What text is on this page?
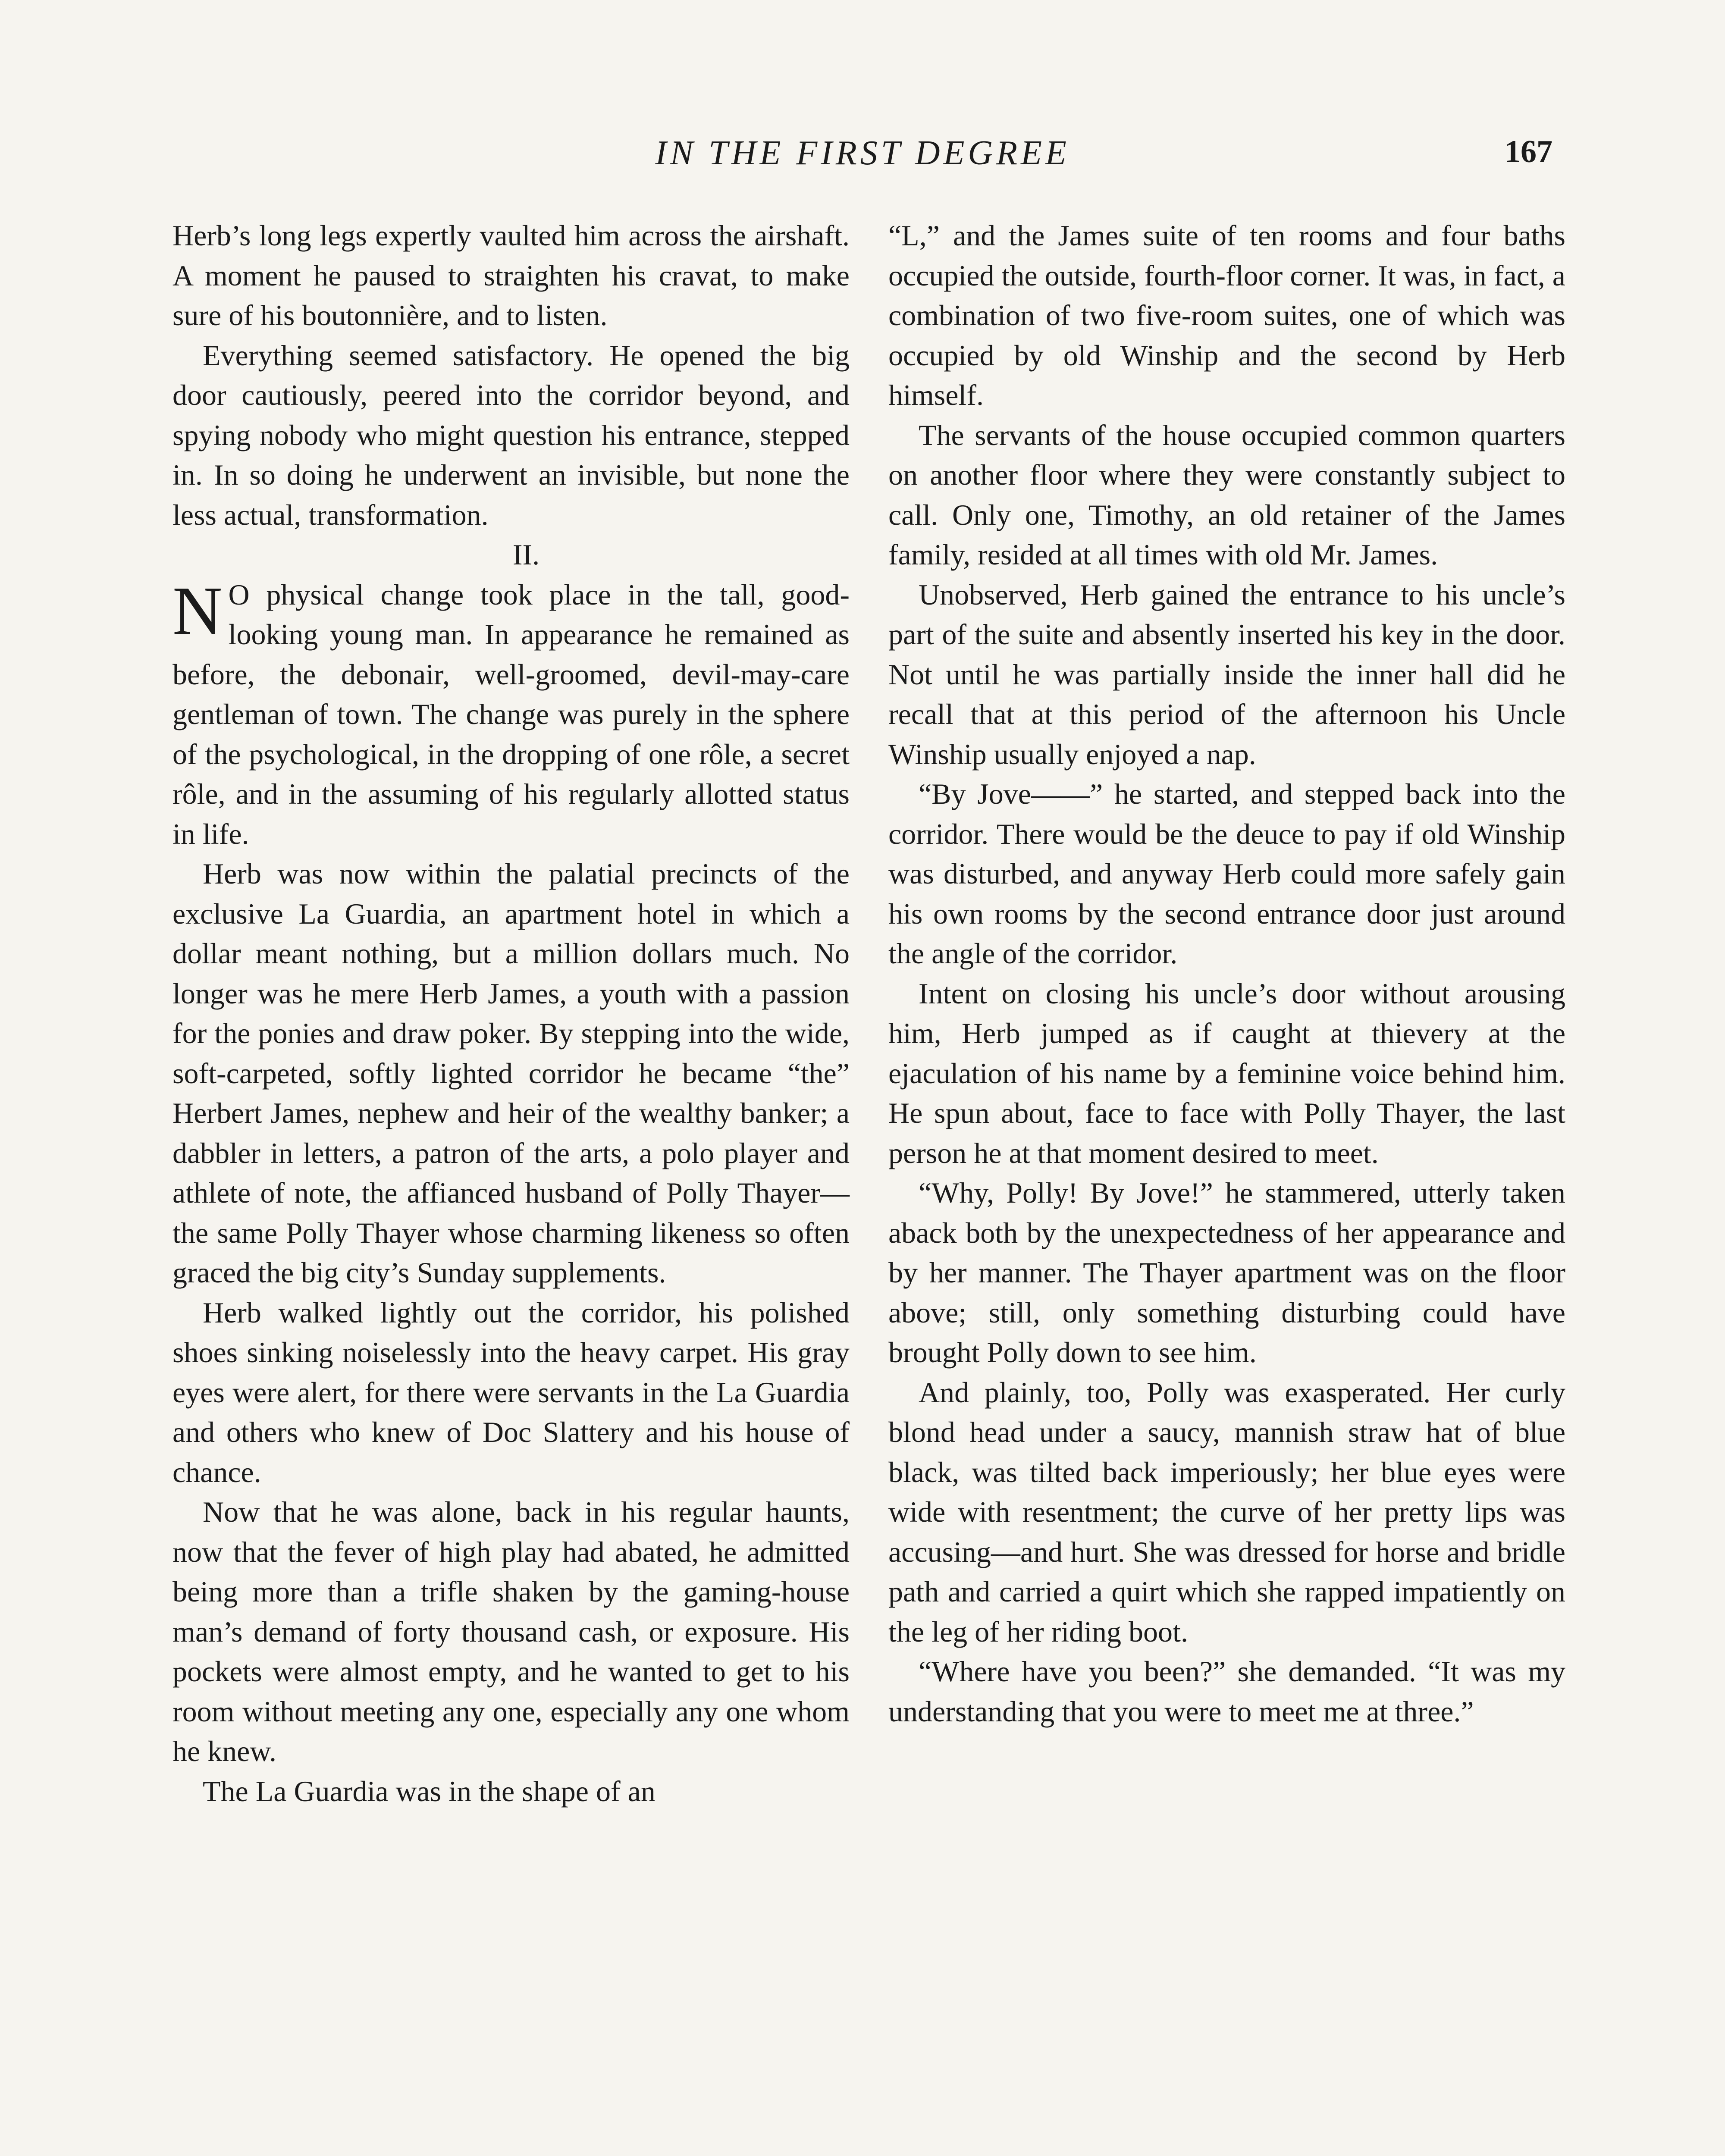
IN THE FIRST DEGREE	167

Herb’s long legs expertly vaulted him across the airshaft. A moment he paused to straighten his cravat, to make sure of his boutonnière, and to listen.

Everything seemed satisfactory. He opened the big door cautiously, peered into the corridor beyond, and spying nobody who might question his entrance, stepped in. In so doing he underwent an invisible, but none the less actual, transformation.

II.

NO physical change took place in the tall, good-looking young man. In appearance he remained as before, the debonair, well-groomed, devil-may-care gentleman of town. The change was purely in the sphere of the psychological, in the dropping of one rôle, a secret rôle, and in the assuming of his regularly allotted status in life.

Herb was now within the palatial precincts of the exclusive La Guardia, an apartment hotel in which a dollar meant nothing, but a million dollars much. No longer was he mere Herb James, a youth with a passion for the ponies and draw poker. By stepping into the wide, soft-carpeted, softly lighted corridor he became “the” Herbert James, nephew and heir of the wealthy banker; a dabbler in letters, a patron of the arts, a polo player and athlete of note, the affianced husband of Polly Thayer—the same Polly Thayer whose charming likeness so often graced the big city’s Sunday supplements.

Herb walked lightly out the corridor, his polished shoes sinking noiselessly into the heavy carpet. His gray eyes were alert, for there were servants in the La Guardia and others who knew of Doc Slattery and his house of chance.

Now that he was alone, back in his regular haunts, now that the fever of high play had abated, he admitted being more than a trifle shaken by the gaming-house man’s demand of forty thousand cash, or exposure. His pockets were almost empty, and he wanted to get to his room without meeting any one, especially any one whom he knew.

The La Guardia was in the shape of an

“L,” and the James suite of ten rooms and four baths occupied the outside, fourth-floor corner. It was, in fact, a combination of two five-room suites, one of which was occupied by old Winship and the second by Herb himself.

The servants of the house occupied common quarters on another floor where they were constantly subject to call. Only one, Timothy, an old retainer of the James family, resided at all times with old Mr. James.

Unobserved, Herb gained the entrance to his uncle’s part of the suite and absently inserted his key in the door. Not until he was partially inside the inner hall did he recall that at this period of the afternoon his Uncle Winship usually enjoyed a nap.

“By Jove——” he started, and stepped back into the corridor. There would be the deuce to pay if old Winship was disturbed, and anyway Herb could more safely gain his own rooms by the second entrance door just around the angle of the corridor.

Intent on closing his uncle’s door without arousing him, Herb jumped as if caught at thievery at the ejaculation of his name by a feminine voice behind him. He spun about, face to face with Polly Thayer, the last person he at that moment desired to meet.

“Why, Polly! By Jove!” he stammered, utterly taken aback both by the unexpectedness of her appearance and by her manner. The Thayer apartment was on the floor above; still, only something disturbing could have brought Polly down to see him.

And plainly, too, Polly was exasperated. Her curly blond head under a saucy, mannish straw hat of blue black, was tilted back imperiously; her blue eyes were wide with resentment; the curve of her pretty lips was accusing—and hurt. She was dressed for horse and bridle path and carried a quirt which she rapped impatiently on the leg of her riding boot.

“Where have you been?” she demanded. “It was my understanding that you were to meet me at three.”
